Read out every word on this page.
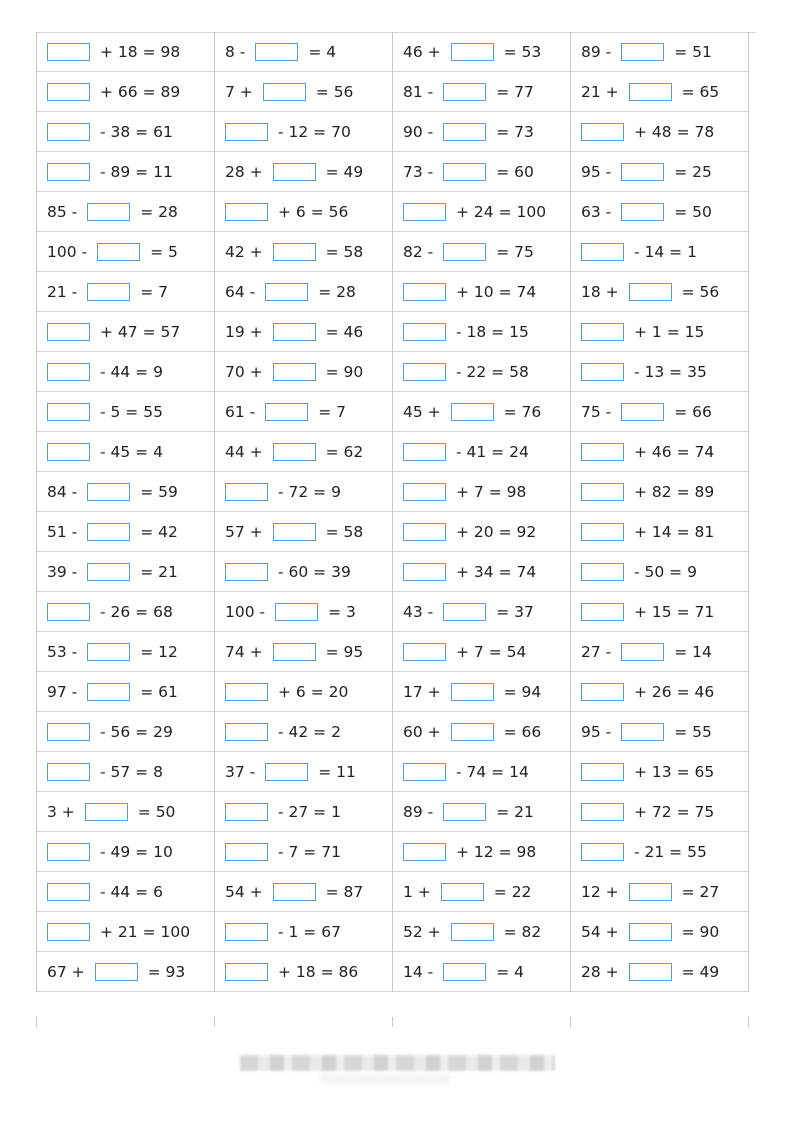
+ 18 = 98	8 -	= 4	46 +	= 53	89 -	= 51
+ 66 = 89	7 +	= 56	81 -	= 77	21 +	= 65
- 38 = 61	- 12 = 70	90 -	= 73	+ 48 = 78
- 89 = 11	28 +	= 49	73 -	= 60	95 -	= 25
85 -	= 28	+ 6 = 56	+ 24 = 100 63 -	= 50
100 -	= 5	42 +	= 58	82 -	= 75	- 14 = 1
21 -	= 7	64 -	= 28	+ 10 = 74	18 +	= 56
+ 47 = 57	19 +	= 46	- 18 = 15	+ 1 = 15
- 44 = 9	70 +	= 90	- 22 = 58	- 13 = 35
- 5 = 55	61 -	= 7	45 +	= 76	75 -	= 66
- 45 = 4	44 +	= 62	- 41 = 24	+ 46 = 74
84 -	= 59	- 72 = 9	+ 7 = 98	+ 82 = 89
51 -	= 42	57 +	= 58	+ 20 = 92	+ 14 = 81
39 -	= 21	- 60 = 39	+ 34 = 74	- 50 = 9
- 26 = 68	100 -	= 3	43 -	= 37	+ 15 = 71
53 -	= 12	74 +	= 95	+ 7 = 54	27 -	= 14
97 -	= 61	+ 6 = 20	17 +	= 94	+ 26 = 46
- 56 = 29	- 42 = 2	60 +	= 66	95 -	= 55
- 57 = 8	37 -	= 11	- 74 = 14	+ 13 = 65
3 +	= 50	- 27 = 1	89 -	= 21	+ 72 = 75
- 49 = 10	- 7 = 71	+ 12 = 98	- 21 = 55
- 44 = 6	54 +	= 87	1 +	= 22	12 +	= 27
+ 21 = 100	- 1 = 67	52 +	= 82	54 +	= 90
67 +	= 93	+ 18 = 86	14 -	= 4	28 +	= 49
